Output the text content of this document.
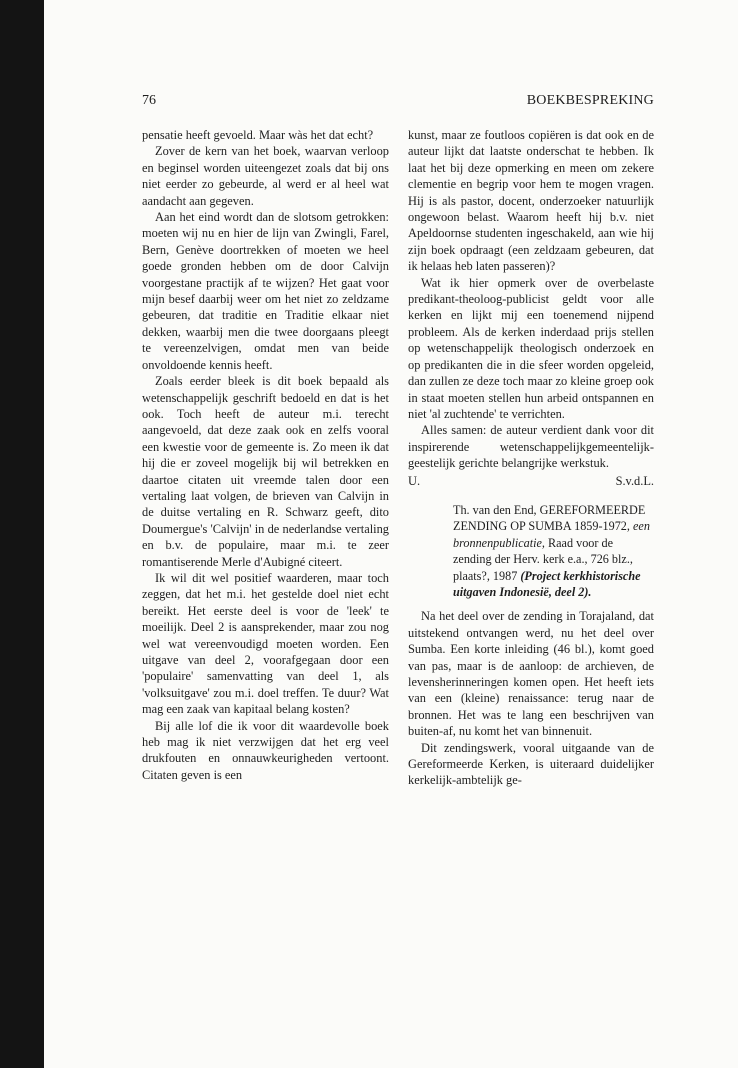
76	BOEKBESPREKING

pensatie heeft gevoeld. Maar wàs het dat echt?

Zover de kern van het boek, waarvan verloop en beginsel worden uiteengezet zoals dat bij ons niet eerder zo gebeurde, al werd er al heel wat aandacht aan gegeven.

Aan het eind wordt dan de slotsom getrokken: moeten wij nu en hier de lijn van Zwingli, Farel, Bern, Genève doortrekken of moeten we heel goede gronden hebben om de door Calvijn voorgestane practijk af te wijzen? Het gaat voor mijn besef daarbij weer om het niet zo zeldzame gebeuren, dat traditie en Traditie elkaar niet dekken, waarbij men die twee doorgaans pleegt te vereenzelvigen, omdat men van beide onvoldoende kennis heeft.

Zoals eerder bleek is dit boek bepaald als wetenschappelijk geschrift bedoeld en dat is het ook. Toch heeft de auteur m.i. terecht aangevoeld, dat deze zaak ook en zelfs vooral een kwestie voor de gemeente is. Zo meen ik dat hij die er zoveel mogelijk bij wil betrekken en daartoe citaten uit vreemde talen door een vertaling laat volgen, de brieven van Calvijn in de duitse vertaling en R. Schwarz geeft, dito Doumergue's 'Calvijn' in de nederlandse vertaling en b.v. de populaire, maar m.i. te zeer romantiserende Merle d'Aubigné citeert.

Ik wil dit wel positief waarderen, maar toch zeggen, dat het m.i. het gestelde doel niet echt bereikt. Het eerste deel is voor de 'leek' te moeilijk. Deel 2 is aansprekender, maar zou nog wel wat vereenvoudigd moeten worden. Een uitgave van deel 2, voorafgegaan door een 'populaire' samenvatting van deel 1, als 'volksuitgave' zou m.i. doel treffen. Te duur? Wat mag een zaak van kapitaal belang kosten?

Bij alle lof die ik voor dit waardevolle boek heb mag ik niet verzwijgen dat het erg veel drukfouten en onnauwkeurigheden vertoont. Citaten geven is een

kunst, maar ze foutloos copiëren is dat ook en de auteur lijkt dat laatste onderschat te hebben. Ik laat het bij deze opmerking en meen om zekere clementie en begrip voor hem te mogen vragen. Hij is als pastor, docent, onderzoeker natuurlijk ongewoon belast. Waarom heeft hij b.v. niet Apeldoornse studenten ingeschakeld, aan wie hij zijn boek opdraagt (een zeldzaam gebeuren, dat ik helaas heb laten passeren)?

Wat ik hier opmerk over de overbelaste predikant-theoloog-publicist geldt voor alle kerken en lijkt mij een toenemend nijpend probleem. Als de kerken inderdaad prijs stellen op wetenschappelijk theologisch onderzoek en op predikanten die in die sfeer worden opgeleid, dan zullen ze deze toch maar zo kleine groep ook in staat moeten stellen hun arbeid ontspannen en niet 'al zuchtende' te verrichten.

Alles samen: de auteur verdient dank voor dit inspirerende wetenschappelijkgemeentelijk-geestelijk gerichte belangrijke werkstuk.

U.	S.v.d.L.
Th. van den End, GEREFORMEERDE ZENDING OP SUMBA 1859-1972, een bronnenpublicatie, Raad voor de zending der Herv. kerk e.a., 726 blz., plaats?, 1987 (Project kerkhistorische uitgaven Indonesië, deel 2).

Na het deel over de zending in Torajaland, dat uitstekend ontvangen werd, nu het deel over Sumba. Een korte inleiding (46 bl.), komt goed van pas, maar is de aanloop: de archieven, de levensherinneringen komen open. Het heeft iets van een (kleine) renaissance: terug naar de bronnen. Het was te lang een beschrijven van buiten-af, nu komt het van binnenuit.

Dit zendingswerk, vooral uitgaande van de Gereformeerde Kerken, is uiteraard duidelijker kerkelijk-ambtelijk ge-
